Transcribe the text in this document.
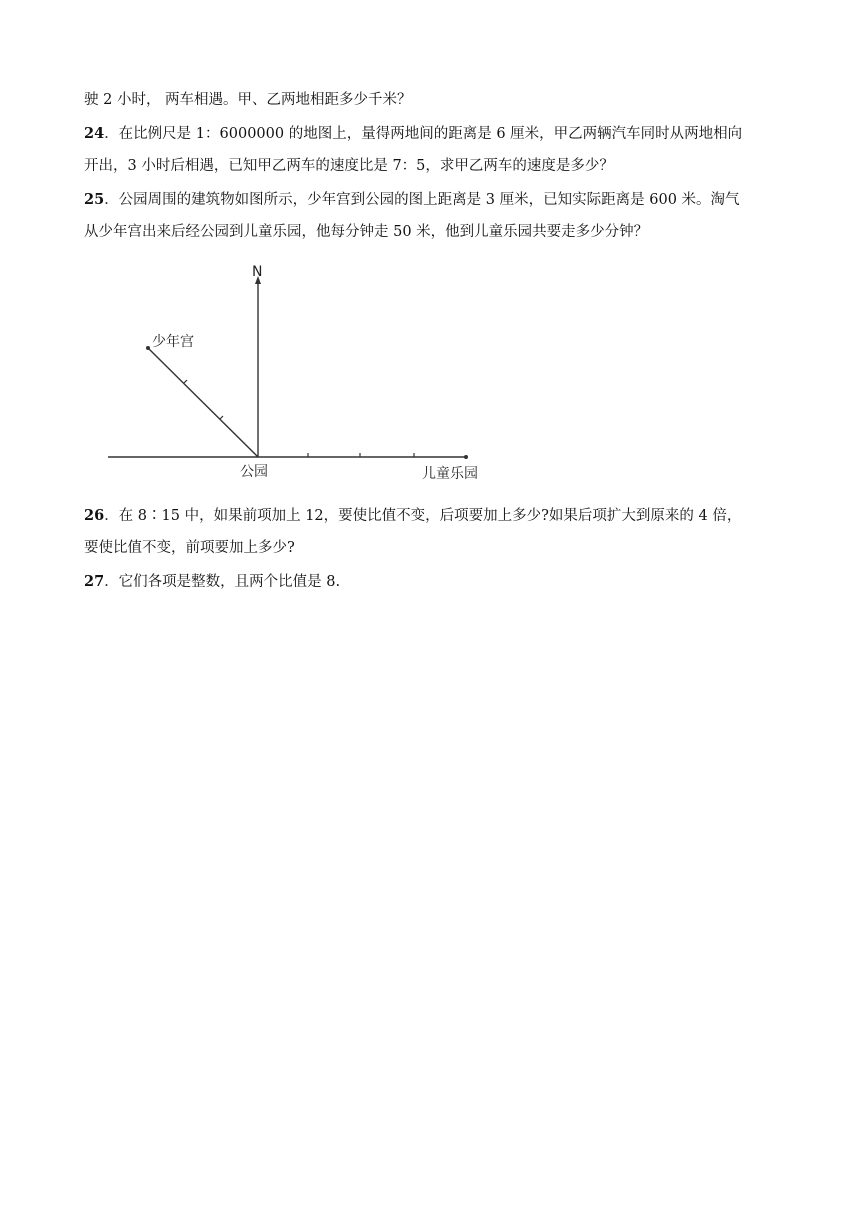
驶 2 小时， 两车相遇。甲、乙两地相距多少千米？
24．在比例尺是 1：6000000 的地图上，量得两地间的距离是 6 厘米，甲乙两辆汽车同时从两地相向
开出，3 小时后相遇，已知甲乙两车的速度比是 7：5，求甲乙两车的速度是多少？
25．公园周围的建筑物如图所示，少年宫到公园的图上距离是 3 厘米，已知实际距离是 600 米。淘气
从少年宫出来后经公园到儿童乐园，他每分钟走 50 米，他到儿童乐园共要走多少分钟？
N
少年宫
公园	儿童乐园
26．在 8∶15 中，如果前项加上 12，要使比值不变，后项要加上多少?如果后项扩大到原来的 4 倍，
要使比值不变，前项要加上多少?
27．它们各项是整数，且两个比值是 8.
